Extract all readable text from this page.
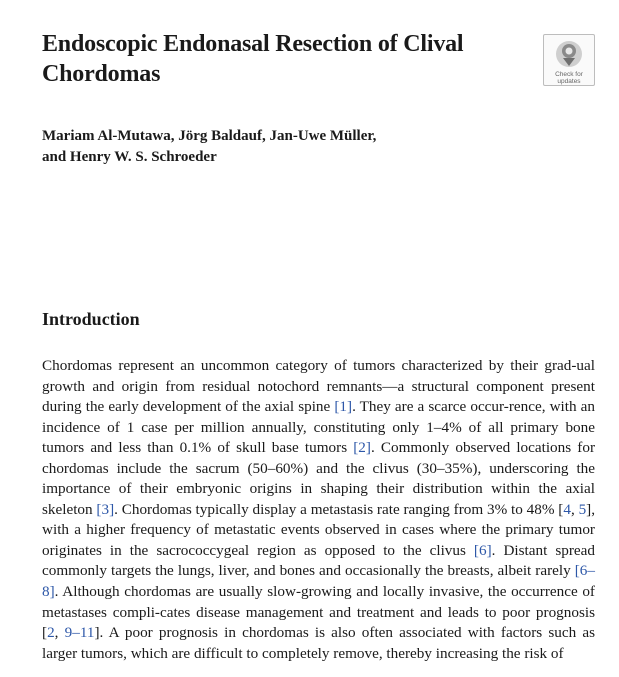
Endoscopic Endonasal Resection of Clival Chordomas	Check for
updates
Mariam Al-Mutawa, Jörg Baldauf, Jan-Uwe Müller,
and Henry W. S. Schroeder
Introduction
Chordomas represent an uncommon category of tumors characterized by their grad-ual growth and origin from residual notochord remnants—a structural component present during the early development of the axial spine [1]. They are a scarce occur-rence, with an incidence of 1 case per million annually, constituting only 1–4% of all primary bone tumors and less than 0.1% of skull base tumors [2]. Commonly observed locations for chordomas include the sacrum (50–60%) and the clivus (30–35%), underscoring the importance of their embryonic origins in shaping their distribution within the axial skeleton [3]. Chordomas typically display a metastasis rate ranging from 3% to 48% [4, 5], with a higher frequency of metastatic events observed in cases where the primary tumor originates in the sacrococcygeal region as opposed to the clivus [6]. Distant spread commonly targets the lungs, liver, and bones and occasionally the breasts, albeit rarely [6–8]. Although chordomas are usually slow-growing and locally invasive, the occurrence of metastases compli-cates disease management and treatment and leads to poor prognosis [2, 9–11]. A poor prognosis in chordomas is also often associated with factors such as larger tumors, which are difficult to completely remove, thereby increasing the risk of
